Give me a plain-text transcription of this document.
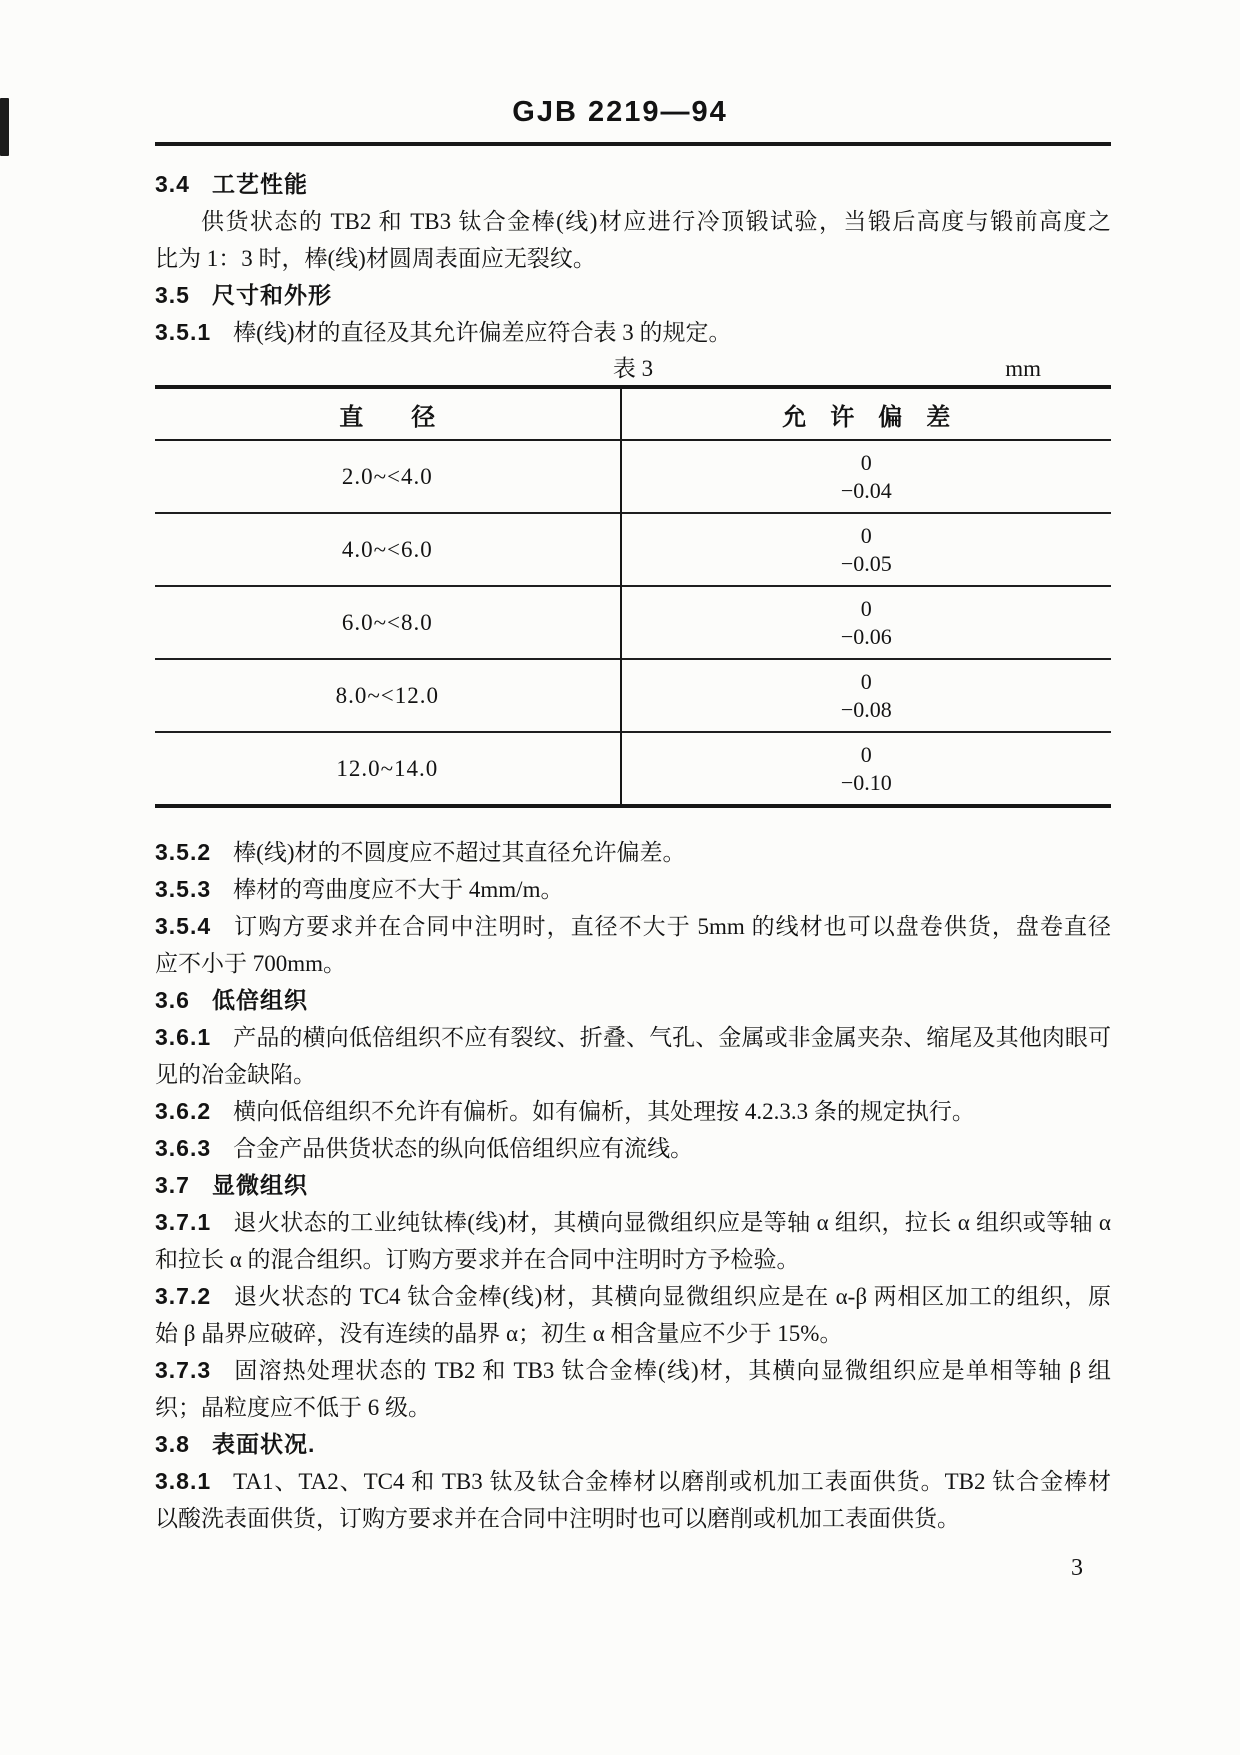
GJB 2219—94
3.4 工艺性能
供货状态的 TB2 和 TB3 钛合金棒(线)材应进行冷顶锻试验，当锻后高度与锻前高度之
比为 1：3 时，棒(线)材圆周表面应无裂纹。
3.5 尺寸和外形
3.5.1 棒(线)材的直径及其允许偏差应符合表 3 的规定。
表 3	mm
直　　径	允　许　偏　差
2.0~<4.0	0
−0.04

4.0~<6.0	0
−0.05

6.0~<8.0	0
−0.06

8.0~<12.0	0
−0.08

12.0~14.0	0
−0.10
3.5.2 棒(线)材的不圆度应不超过其直径允许偏差。
3.5.3 棒材的弯曲度应不大于 4mm/m。
3.5.4 订购方要求并在合同中注明时，直径不大于 5mm 的线材也可以盘卷供货，盘卷直径
应不小于 700mm。
3.6 低倍组织
3.6.1 产品的横向低倍组织不应有裂纹、折叠、气孔、金属或非金属夹杂、缩尾及其他肉眼可
见的冶金缺陷。
3.6.2 横向低倍组织不允许有偏析。如有偏析，其处理按 4.2.3.3 条的规定执行。
3.6.3 合金产品供货状态的纵向低倍组织应有流线。
3.7 显微组织
3.7.1 退火状态的工业纯钛棒(线)材，其横向显微组织应是等轴 α 组织，拉长 α 组织或等轴 α
和拉长 α 的混合组织。订购方要求并在合同中注明时方予检验。
3.7.2 退火状态的 TC4 钛合金棒(线)材，其横向显微组织应是在 α-β 两相区加工的组织，原
始 β 晶界应破碎，没有连续的晶界 α；初生 α 相含量应不少于 15%。
3.7.3 固溶热处理状态的 TB2 和 TB3 钛合金棒(线)材，其横向显微组织应是单相等轴 β 组
织；晶粒度应不低于 6 级。
3.8 表面状况.
3.8.1 TA1、TA2、TC4 和 TB3 钛及钛合金棒材以磨削或机加工表面供货。TB2 钛合金棒材
以酸洗表面供货，订购方要求并在合同中注明时也可以磨削或机加工表面供货。
3
